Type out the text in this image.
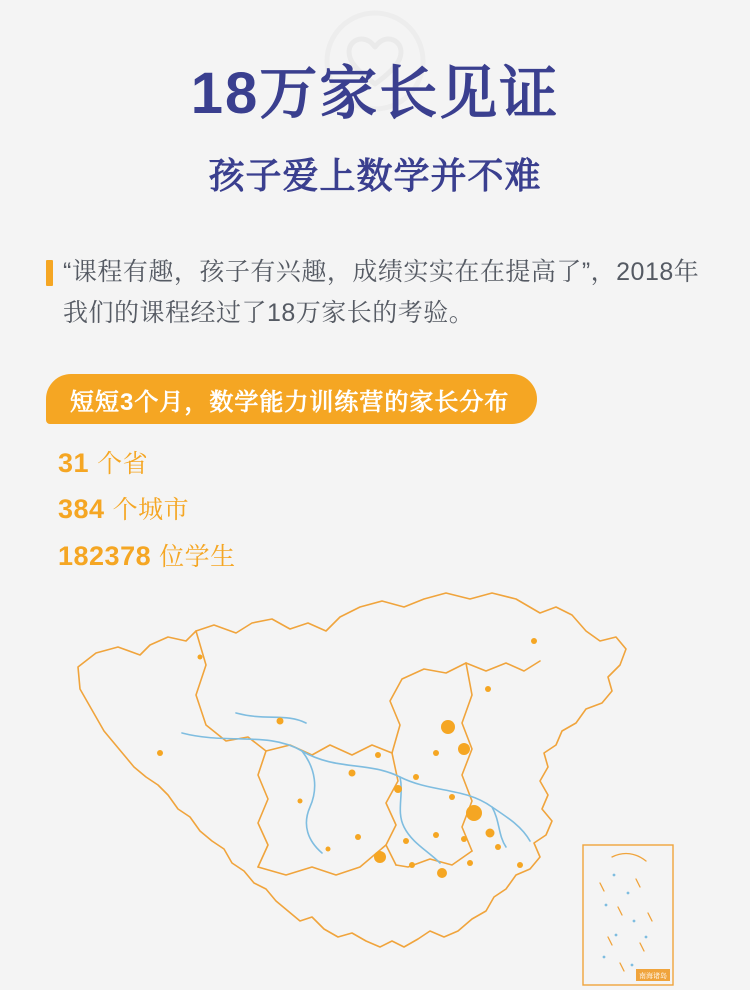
18万家长见证
孩子爱上数学并不难
“课程有趣，孩子有兴趣，成绩实实在在提高了”，2018年我们的课程经过了18万家长的考验。
短短3个月，数学能力训练营的家长分布
31 个省
384 个城市
182378 位学生
南海诸岛
